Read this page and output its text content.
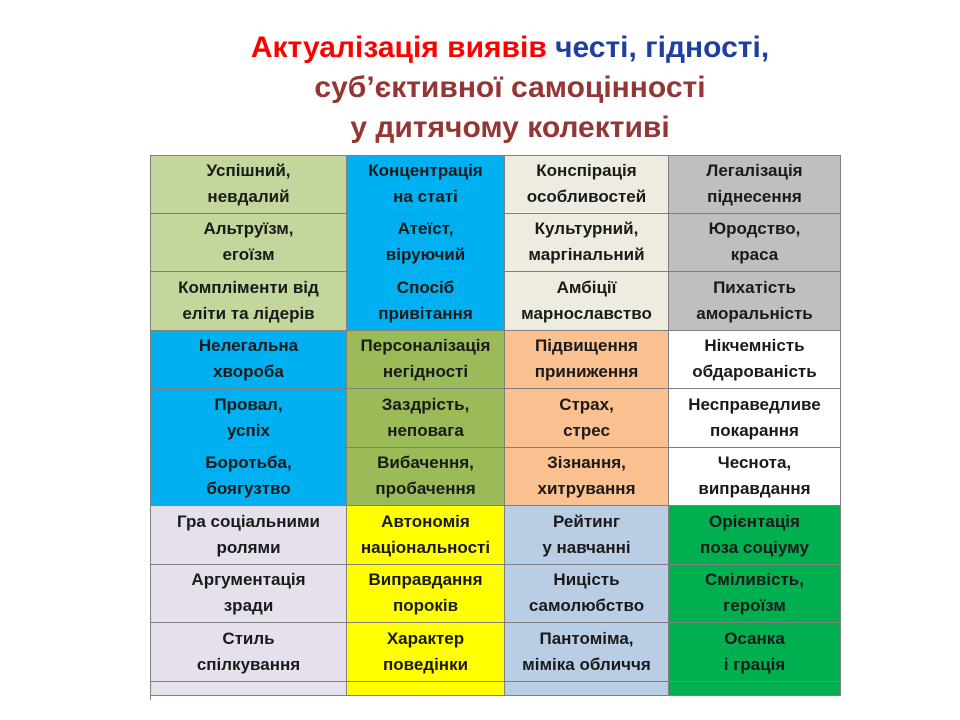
Актуалізація виявів честі, гідності,
суб’єктивної самоцінності
у дитячому колективі
Успішний,
невдалий
Концентрація
на статі
Конспірація
особливостей
Легалізація
піднесення
Альтруїзм,
егоїзм
Атеїст,
віруючий
Культурний,
маргінальний
Юродство,
краса
Компліменти від
еліти та лідерів
Спосіб
привітання
Амбіції
марнославство
Пихатість
аморальність
Нелегальна
хвороба
Персоналізація
негідності
Підвищення
приниження
Нікчемність
обдарованість
Провал,
успіх
Заздрість,
неповага
Страх,
стрес
Несправедливе
покарання
Боротьба,
боягузтво
Вибачення,
пробачення
Зізнання,
хитрування
Чеснота,
виправдання
Гра соціальними
ролями
Автономія
національності
Рейтинг
у навчанні
Орієнтація
поза соціуму
Аргументація
зради
Виправдання
пороків
Ницість
самолюбство
Сміливість,
героїзм
Стиль
спілкування
Характер
поведінки
Пантоміма,
міміка обличчя
Осанка
і грація
